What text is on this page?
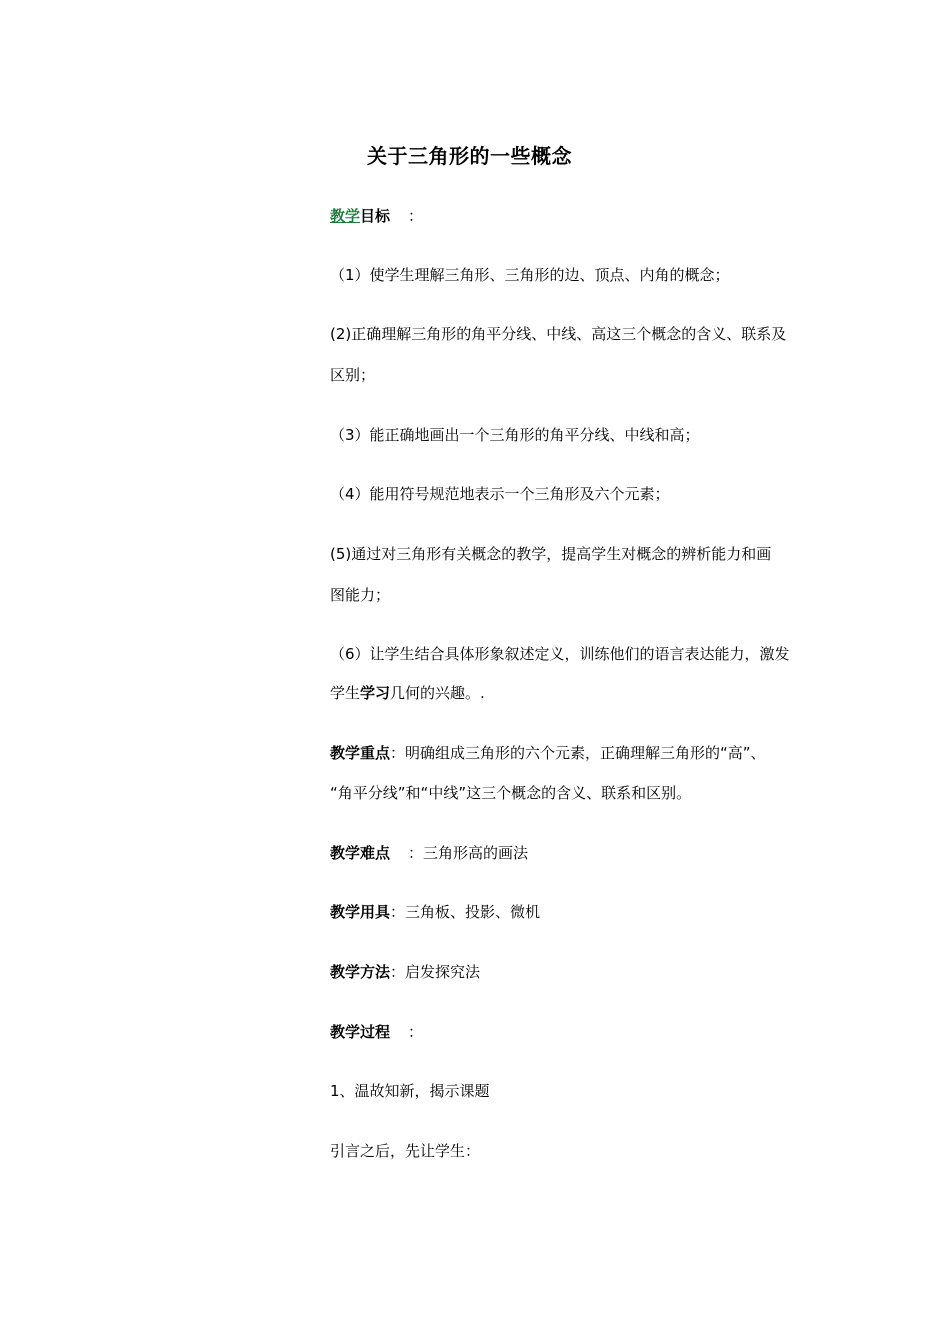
关于三角形的一些概念
教学目标 ：
（1）使学生理解三角形、三角形的边、顶点、内角的概念；
(2)正确理解三角形的角平分线、中线、高这三个概念的含义、联系及
区别；
（3）能正确地画出一个三角形的角平分线、中线和高；
（4）能用符号规范地表示一个三角形及六个元素；
(5)通过对三角形有关概念的教学，提高学生对概念的辨析能力和画
图能力；
（6）让学生结合具体形象叙述定义，训练他们的语言表达能力，激发
学生学习几何的兴趣。.
教学重点：明确组成三角形的六个元素，正确理解三角形的“高”、
“角平分线”和“中线”这三个概念的含义、联系和区别。
教学难点 ：三角形高的画法
教学用具：三角板、投影、微机
教学方法：启发探究法
教学过程 ：
1、温故知新，揭示课题
引言之后，先让学生：
